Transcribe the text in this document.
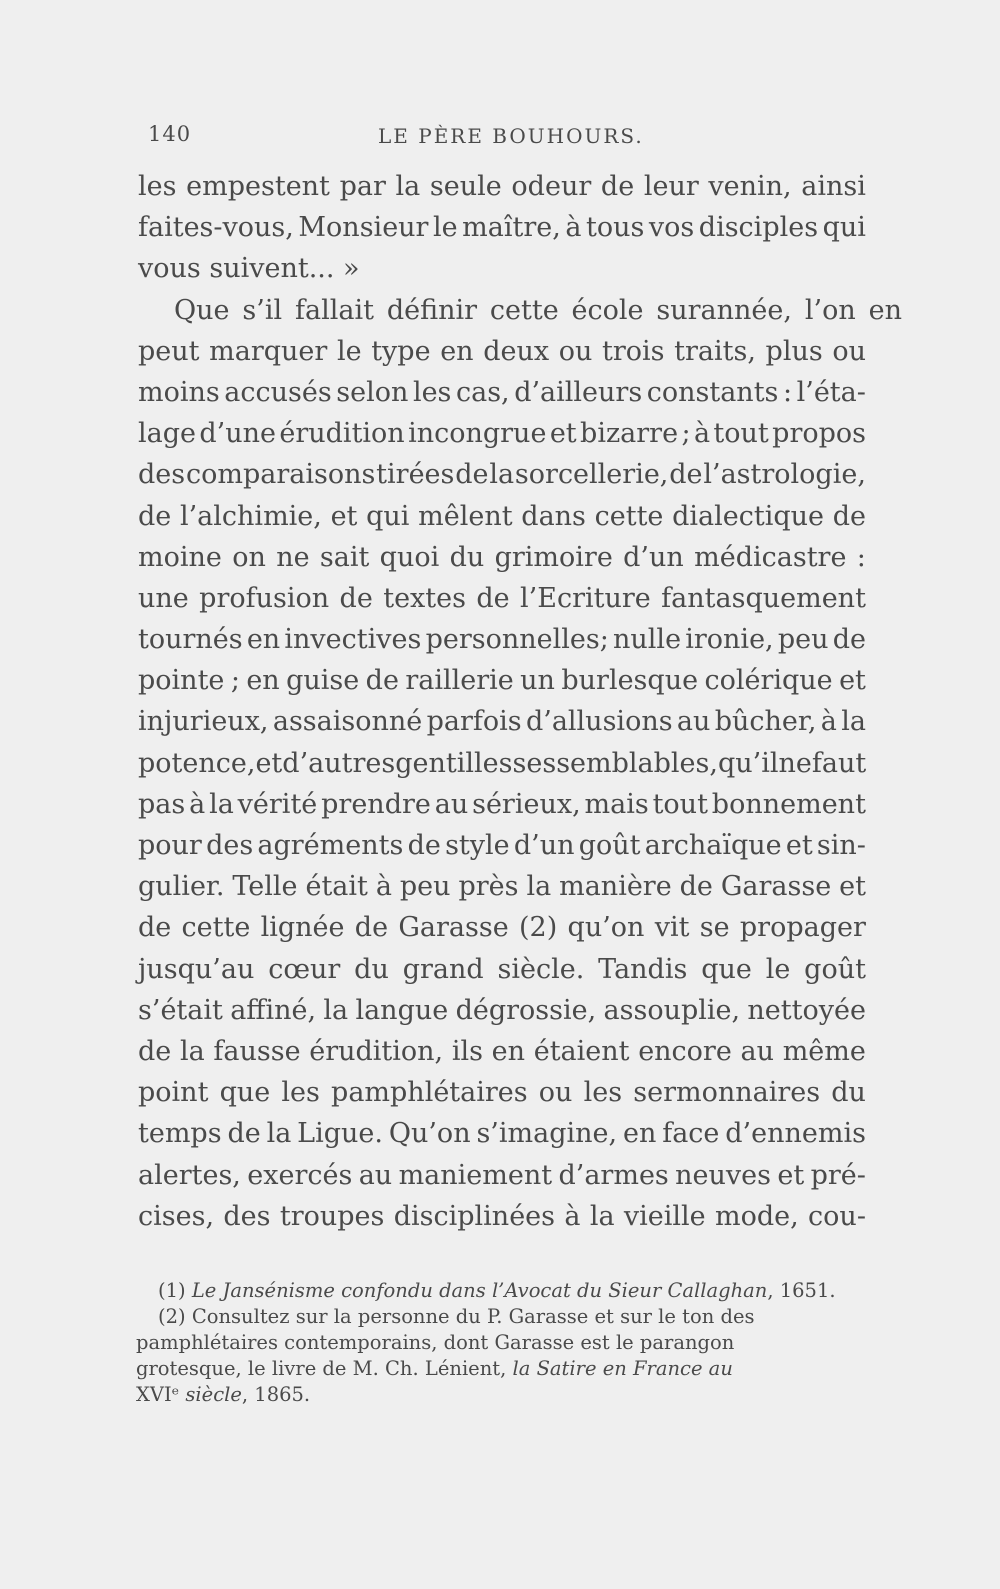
140	LE PÈRE BOUHOURS.
les empestent par la seule odeur de leur venin, ainsi
faites-vous, Monsieur le maître, à tous vos disciples qui
vous suivent... »
Que s’il fallait définir cette école surannée, l’on en
peut marquer le type en deux ou trois traits, plus ou
moins accusés selon les cas, d’ailleurs constants : l’éta-
lage d’une érudition incongrue et bizarre ; à tout propos
des comparaisons tirées de la sorcellerie, de l’astrologie,
de l’alchimie, et qui mêlent dans cette dialectique de
moine on ne sait quoi du grimoire d’un médicastre :
une profusion de textes de l’Ecriture fantasquement
tournés en invectives personnelles; nulle ironie, peu de
pointe ; en guise de raillerie un burlesque colérique et
injurieux, assaisonné parfois d’allusions au bûcher, à la
potence, et d’autres gentillesses semblables, qu’il ne faut
pas à la vérité prendre au sérieux, mais tout bonnement
pour des agréments de style d’un goût archaïque et sin-
gulier. Telle était à peu près la manière de Garasse et
de cette lignée de Garasse (2) qu’on vit se propager
jusqu’au cœur du grand siècle. Tandis que le goût
s’était affiné, la langue dégrossie, assouplie, nettoyée
de la fausse érudition, ils en étaient encore au même
point que les pamphlétaires ou les sermonnaires du
temps de la Ligue. Qu’on s’imagine, en face d’ennemis
alertes, exercés au maniement d’armes neuves et pré-
cises, des troupes disciplinées à la vieille mode, cou-
(1) Le Jansénisme confondu dans l’Avocat du Sieur Callaghan, 1651.
(2) Consultez sur la personne du P. Garasse et sur le ton des
pamphlétaires contemporains, dont Garasse est le parangon
grotesque, le livre de M. Ch. Lénient, la Satire en France au
XVIᵉ siècle, 1865.
